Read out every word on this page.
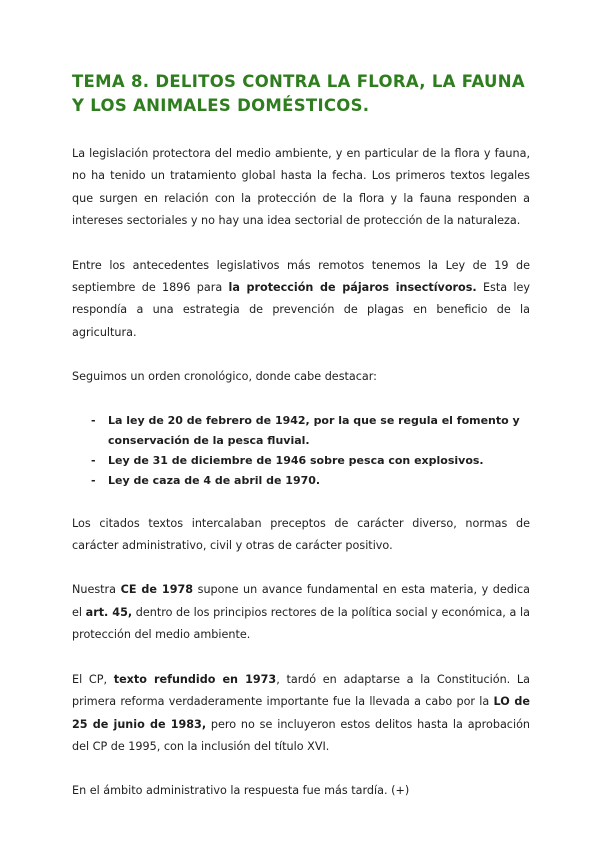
TEMA 8. DELITOS CONTRA LA FLORA, LA FAUNA Y LOS ANIMALES DOMÉSTICOS.

La legislación protectora del medio ambiente, y en particular de la flora y fauna, no ha tenido un tratamiento global hasta la fecha. Los primeros textos legales que surgen en relación con la protección de la flora y la fauna responden a intereses sectoriales y no hay una idea sectorial de protección de la naturaleza.

Entre los antecedentes legislativos más remotos tenemos la Ley de 19 de septiembre de 1896 para la protección de pájaros insectívoros. Esta ley respondía a una estrategia de prevención de plagas en beneficio de la agricultura.

Seguimos un orden cronológico, donde cabe destacar:

- La ley de 20 de febrero de 1942, por la que se regula el fomento y conservación de la pesca fluvial.
- Ley de 31 de diciembre de 1946 sobre pesca con explosivos.
- Ley de caza de 4 de abril de 1970.

Los citados textos intercalaban preceptos de carácter diverso, normas de carácter administrativo, civil y otras de carácter positivo.

Nuestra CE de 1978 supone un avance fundamental en esta materia, y dedica el art. 45, dentro de los principios rectores de la política social y económica, a la protección del medio ambiente.

El CP, texto refundido en 1973, tardó en adaptarse a la Constitución. La primera reforma verdaderamente importante fue la llevada a cabo por la LO de 25 de junio de 1983, pero no se incluyeron estos delitos hasta la aprobación del CP de 1995, con la inclusión del título XVI.

En el ámbito administrativo la respuesta fue más tardía. (+)
